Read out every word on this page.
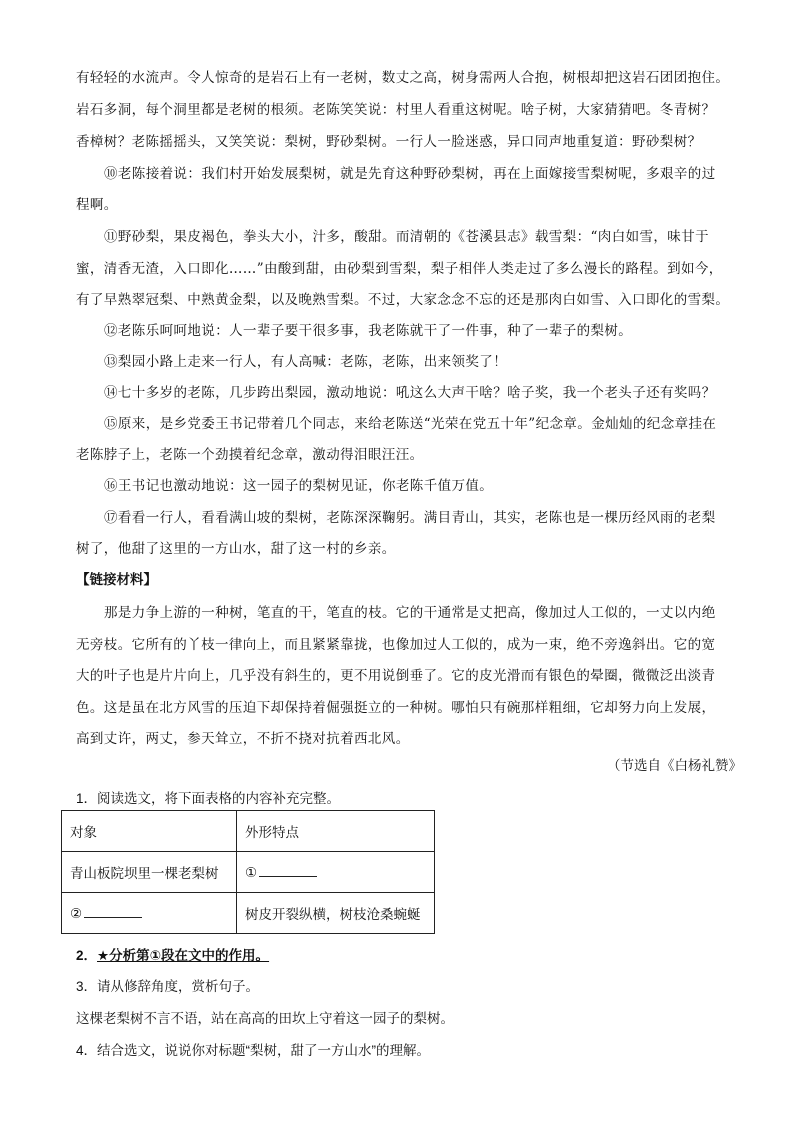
有轻轻的水流声。令人惊奇的是岩石上有一老树，数丈之高，树身需两人合抱，树根却把这岩石团团抱住。
岩石多洞，每个洞里都是老树的根须。老陈笑笑说：村里人看重这树呢。啥子树，大家猜猜吧。冬青树？
香樟树？老陈摇摇头，又笑笑说：梨树，野砂梨树。一行人一脸迷惑，异口同声地重复道：野砂梨树？
⑩老陈接着说：我们村开始发展梨树，就是先育这种野砂梨树，再在上面嫁接雪梨树呢，多艰辛的过
程啊。
⑪野砂梨，果皮褐色，拳头大小，汁多，酸甜。而清朝的《苍溪县志》载雪梨：“肉白如雪，味甘于
蜜，清香无渣，入口即化……”由酸到甜，由砂梨到雪梨，梨子相伴人类走过了多么漫长的路程。到如今，
有了早熟翠冠梨、中熟黄金梨，以及晚熟雪梨。不过，大家念念不忘的还是那肉白如雪、入口即化的雪梨。
⑫老陈乐呵呵地说：人一辈子要干很多事，我老陈就干了一件事，种了一辈子的梨树。
⑬梨园小路上走来一行人，有人高喊：老陈，老陈，出来领奖了！
⑭七十多岁的老陈，几步跨出梨园，激动地说：吼这么大声干啥？啥子奖，我一个老头子还有奖吗？
⑮原来，是乡党委王书记带着几个同志，来给老陈送“光荣在党五十年”纪念章。金灿灿的纪念章挂在
老陈脖子上，老陈一个劲摸着纪念章，激动得泪眼汪汪。
⑯王书记也激动地说：这一园子的梨树见证，你老陈千值万值。
⑰看看一行人，看看满山坡的梨树，老陈深深鞠躬。满目青山，其实，老陈也是一棵历经风雨的老梨
树了，他甜了这里的一方山水，甜了这一村的乡亲。
【链接材料】
那是力争上游的一种树，笔直的干，笔直的枝。它的干通常是丈把高，像加过人工似的，一丈以内绝
无旁枝。它所有的丫枝一律向上，而且紧紧靠拢，也像加过人工似的，成为一束，绝不旁逸斜出。它的宽
大的叶子也是片片向上，几乎没有斜生的，更不用说倒垂了。它的皮光滑而有银色的晕圈，微微泛出淡青
色。这是虽在北方风雪的压迫下却保持着倔强挺立的一种树。哪怕只有碗那样粗细，它却努力向上发展，
高到丈许，两丈，参天耸立，不折不挠对抗着西北风。
（节选自《白杨礼赞》
1．阅读选文，将下面表格的内容补充完整。
对象	外形特点
青山板院坝里一棵老梨树	①
②	树皮开裂纵横，树枝沧桑蜿蜒
2．★分析第①段在文中的作用。
3．请从修辞角度，赏析句子。
这棵老梨树不言不语，站在高高的田坎上守着这一园子的梨树。
4．结合选文，说说你对标题“梨树，甜了一方山水”的理解。
